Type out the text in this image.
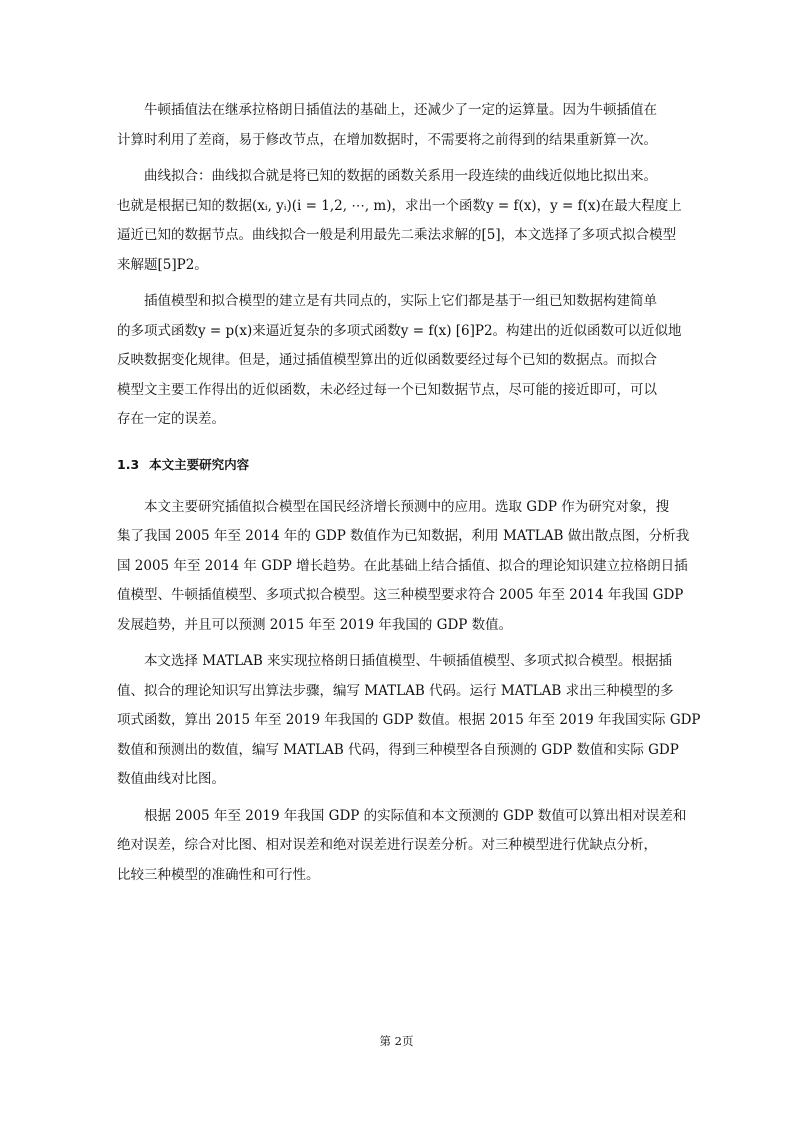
牛顿插值法在继承拉格朗日插值法的基础上，还减少了一定的运算量。因为牛顿插值在
计算时利用了差商，易于修改节点，在增加数据时，不需要将之前得到的结果重新算一次。
曲线拟合：曲线拟合就是将已知的数据的函数关系用一段连续的曲线近似地比拟出来。
也就是根据已知的数据(xᵢ, yᵢ)(i = 1,2, ⋯, m)，求出一个函数y = f(x)，y = f(x)在最大程度上
逼近已知的数据节点。曲线拟合一般是利用最先二乘法求解的[5]，本文选择了多项式拟合模型
来解题[5]P2。
插值模型和拟合模型的建立是有共同点的，实际上它们都是基于一组已知数据构建简单
的多项式函数y = p(x)来逼近复杂的多项式函数y = f(x) [6]P2。构建出的近似函数可以近似地
反映数据变化规律。但是，通过插值模型算出的近似函数要经过每个已知的数据点。而拟合
模型文主要工作得出的近似函数，未必经过每一个已知数据节点，尽可能的接近即可，可以
存在一定的误差。
1.3 本文主要研究内容
本文主要研究插值拟合模型在国民经济增长预测中的应用。选取 GDP 作为研究对象，搜
集了我国 2005 年至 2014 年的 GDP 数值作为已知数据，利用 MATLAB 做出散点图，分析我
国 2005 年至 2014 年 GDP 增长趋势。在此基础上结合插值、拟合的理论知识建立拉格朗日插
值模型、牛顿插值模型、多项式拟合模型。这三种模型要求符合 2005 年至 2014 年我国 GDP
发展趋势，并且可以预测 2015 年至 2019 年我国的 GDP 数值。
本文选择 MATLAB 来实现拉格朗日插值模型、牛顿插值模型、多项式拟合模型。根据插
值、拟合的理论知识写出算法步骤，编写 MATLAB 代码。运行 MATLAB 求出三种模型的多
项式函数，算出 2015 年至 2019 年我国的 GDP 数值。根据 2015 年至 2019 年我国实际 GDP
数值和预测出的数值，编写 MATLAB 代码，得到三种模型各自预测的 GDP 数值和实际 GDP
数值曲线对比图。
根据 2005 年至 2019 年我国 GDP 的实际值和本文预测的 GDP 数值可以算出相对误差和
绝对误差，综合对比图、相对误差和绝对误差进行误差分析。对三种模型进行优缺点分析，
比较三种模型的准确性和可行性。
第 2页
